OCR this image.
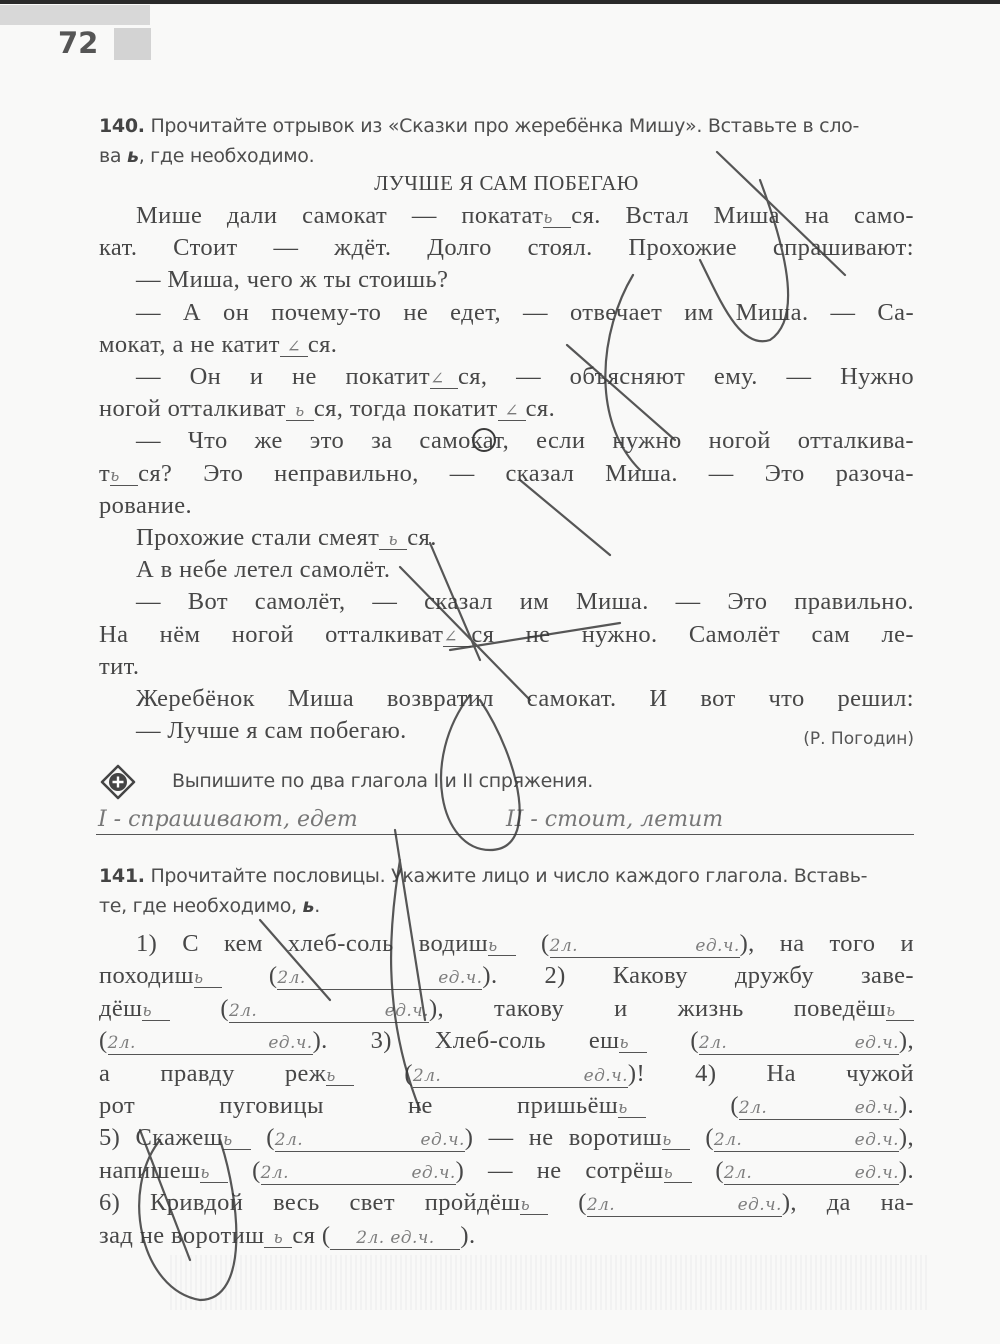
72
140. Прочитайте отрывок из «Сказки про жеребёнка Мишу». Вставьте в сло-
ва ь, где необходимо.
ЛУЧШЕ Я САМ ПОБЕГАЮ
Мише дали самокат — покатать ся. Встал Миша на само-
кат. Стоит — ждёт. Долго стоял. Прохожие спрашивают:
— Миша, чего ж ты стоишь?
— А он почему-то не едет, — отвечает им Миша. — Са-
мокат, а не катит ∠ ся.
— Он и не покатит∠ ся, — объясняют ему. — Нужно
ногой отталкиват ь ся, тогда покатит ∠ ся.
— Что же это за самокат, если нужно ногой отталкива-
ть ся? Это неправильно, — сказал Миша. — Это разоча-
рование.
Прохожие стали смеят ь ся.
А в небе летел самолёт.
— Вот самолёт, — сказал им Миша. — Это правильно.
На нём ногой отталкиват∠ ся не нужно. Самолёт сам ле-
тит.
Жеребёнок Миша возвратил самокат. И вот что решил:
— Лучше я сам побегаю.	(Р. Погодин)
Выпишите по два глагола I и II спряжения.
I - спрашивают, едет	II - стоит, летит
141. Прочитайте пословицы. Укажите лицо и число каждого глагола. Вставь-
те, где необходимо, ь.
1) С кем хлеб-соль водишь (2л. ед.ч.), на того и
походишь (2л. ед.ч.). 2) Какову дружбу заве-
дёшь (2л. ед.ч.), такову и жизнь поведёшь
(2л. ед.ч.). 3) Хлеб-соль ешь (2л. ед.ч.),
а правду режь (2л. ед.ч.)! 4) На чужой
рот пуговицы не пришьёшь (2л. ед.ч.).
5) Скажешь (2л. ед.ч.) — не воротишь (2л. ед.ч.),
напишешь (2л. ед.ч.) — не сотрёшь (2л. ед.ч.).
6) Кривдой весь свет пройдёшь (2л. ед.ч.), да на-
зад не воротиш ь ся ( 2л. ед.ч. ).
